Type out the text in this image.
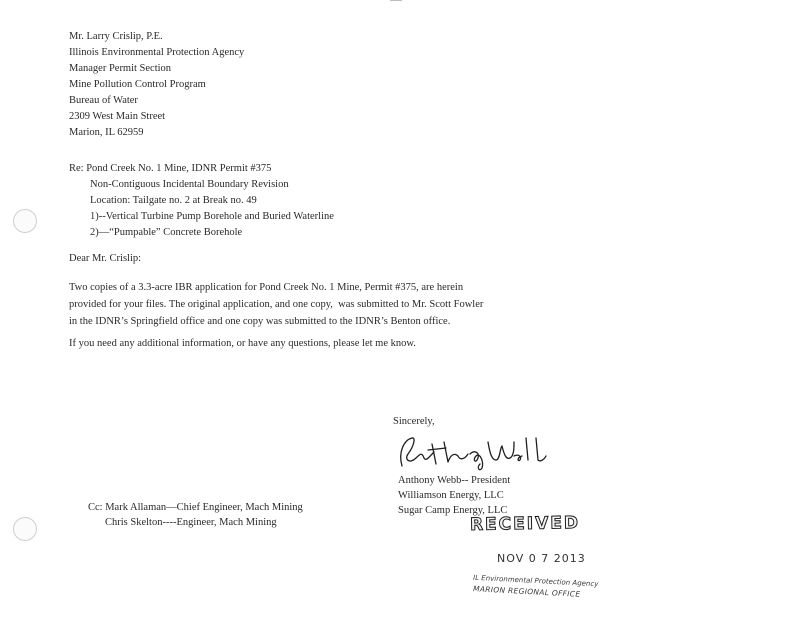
Mr. Larry Crislip, P.E.
Illinois Environmental Protection Agency
Manager Permit Section
Mine Pollution Control Program
Bureau of Water
2309 West Main Street
Marion, IL 62959
Re: Pond Creek No. 1 Mine, IDNR Permit #375
Non-Contiguous Incidental Boundary Revision
Location: Tailgate no. 2 at Break no. 49
1)--Vertical Turbine Pump Borehole and Buried Waterline
2)—“Pumpable” Concrete Borehole
Dear Mr. Crislip:
Two copies of a 3.3-acre IBR application for Pond Creek No. 1 Mine, Permit #375, are herein
provided for your files. The original application, and one copy,  was submitted to Mr. Scott Fowler
in the IDNR’s Springfield office and one copy was submitted to the IDNR’s Benton office.
If you need any additional information, or have any questions, please let me know.
Sincerely,
Anthony Webb-- President
Williamson Energy, LLC
Sugar Camp Energy, LLC
Cc: Mark Allaman—Chief Engineer, Mach Mining
Chris Skelton----Engineer, Mach Mining	RECEIVED
NOV 0 7 2013
IL Environmental Protection Agency
MARION REGIONAL OFFICE
